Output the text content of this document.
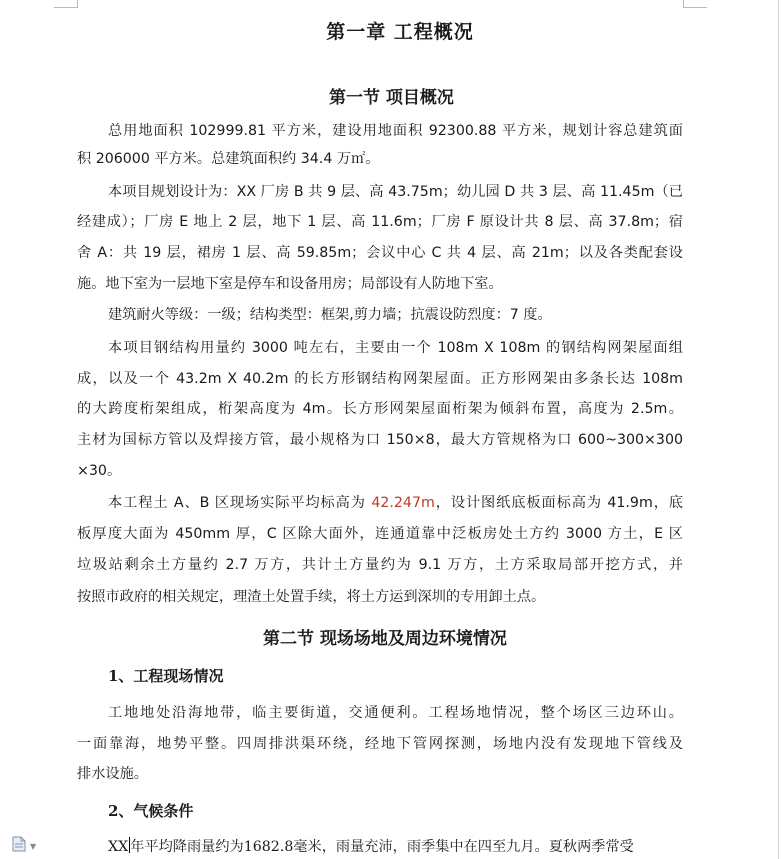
第一章 工程概况
第一节 项目概况
总用地面积 102999.81 平方米，建设用地面积 92300.88 平方米，规划计容总建筑面
积 206000 平方米。总建筑面积约 34.4 万㎡。
本项目规划设计为：XX 厂房 B 共 9 层、高 43.75m；幼儿园 D 共 3 层、高 11.45m（已
经建成）；厂房 E 地上 2 层，地下 1 层、高 11.6m；厂房 F 原设计共 8 层、高 37.8m；宿
舍 A：共 19 层，裙房 1 层、高 59.85m；会议中心 C 共 4 层、高 21m；以及各类配套设
施。地下室为一层地下室是停车和设备用房；局部设有人防地下室。
建筑耐火等级：一级；结构类型：框架,剪力墙；抗震设防烈度：7 度。
本项目钢结构用量约 3000 吨左右，主要由一个 108m X 108m 的钢结构网架屋面组
成，以及一个 43.2m X 40.2m 的长方形钢结构网架屋面。正方形网架由多条长达 108m
的大跨度桁架组成，桁架高度为 4m。长方形网架屋面桁架为倾斜布置，高度为 2.5m。
主材为国标方管以及焊接方管，最小规格为口 150×8，最大方管规格为口 600~300×300
×30。
本工程土 A、B 区现场实际平均标高为 42.247m，设计图纸底板面标高为 41.9m，底
板厚度大面为 450mm 厚，C 区除大面外，连通道靠中泛板房处土方约 3000 方土，E 区
垃圾站剩余土方量约 2.7 万方，共计土方量约为 9.1 万方，土方采取局部开挖方式，并
按照市政府的相关规定，理渣土处置手续，将土方运到深圳的专用卸土点。
第二节 现场场地及周边环境情况
1、工程现场情况
工地地处沿海地带，临主要街道，交通便利。工程场地情况，整个场区三边环山。
一面靠海，地势平整。四周排洪渠环绕，经地下管网探测，场地内没有发现地下管线及
排水设施。
2、气候条件
XX 年平均降雨量约为1682.8毫米，雨量充沛，雨季集中在四至九月。夏秋两季常受
▼
